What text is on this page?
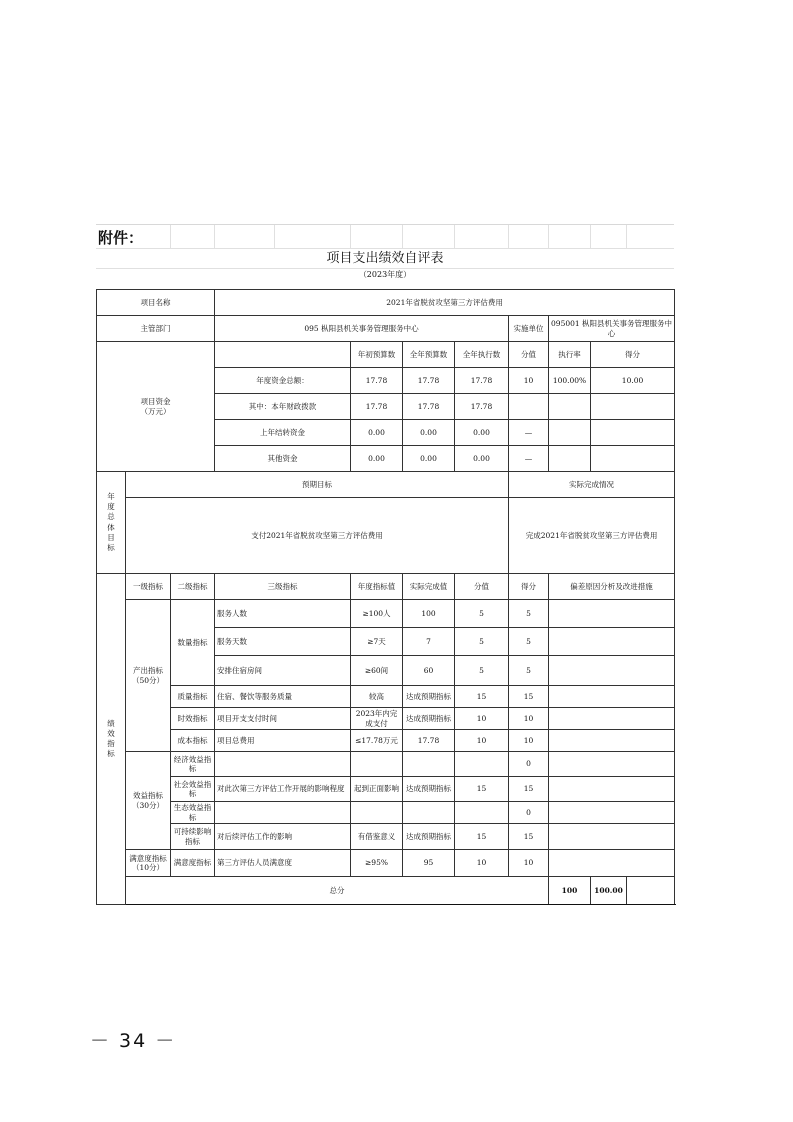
附件：
项目支出绩效自评表
（2023年度）
项目名称			2021年省脱贫攻坚第三方评估费用							
主管部门			095 枞阳县机关事务管理服务中心				实施单位	095001 枞阳县机关事务管理服务中心		
项目资金
（万元）				年初预算数	全年预算数	全年执行数	分值	执行率	得分	
			年度资金总额：	17.78	17.78	17.78	10	100.00%	10.00	
			其中：本年财政拨款	17.78	17.78	17.78				
			上年结转资金	0.00	0.00	0.00	—			
			其他资金	0.00	0.00	0.00	—			
年度总体目标	预期目标						实际完成情况			
	支付2021年省脱贫攻坚第三方评估费用						完成2021年省脱贫攻坚第三方评估费用			
绩效指标	一级指标	二级指标	三级指标	年度指标值	实际完成值	分值	得分	偏差原因分析及改进措施		
	产出指标（50分）	数量指标	服务人数	≥100人	100	5	5			
			服务天数	≥7天	7	5	5			
			安排住宿房间	≥60间	60	5	5			
		质量指标	住宿、餐饮等服务质量	较高	达成预期指标	15	15			
		时效指标	项目开支支付时间	2023年内完成支付	达成预期指标	10	10			
		成本指标	项目总费用	≤17.78万元	17.78	10	10			
	效益指标（30分）	经济效益指标					0			
		社会效益指标	对此次第三方评估工作开展的影响程度	起到正面影响	达成预期指标	15	15			
		生态效益指标					0			
		可持续影响指标	对后续评估工作的影响	有借鉴意义	达成预期指标	15	15			
	满意度指标（10分）	满意度指标	第三方评估人员满意度	≥95%	95	10	10			
	总分							100	100.00	
－ 34 －
